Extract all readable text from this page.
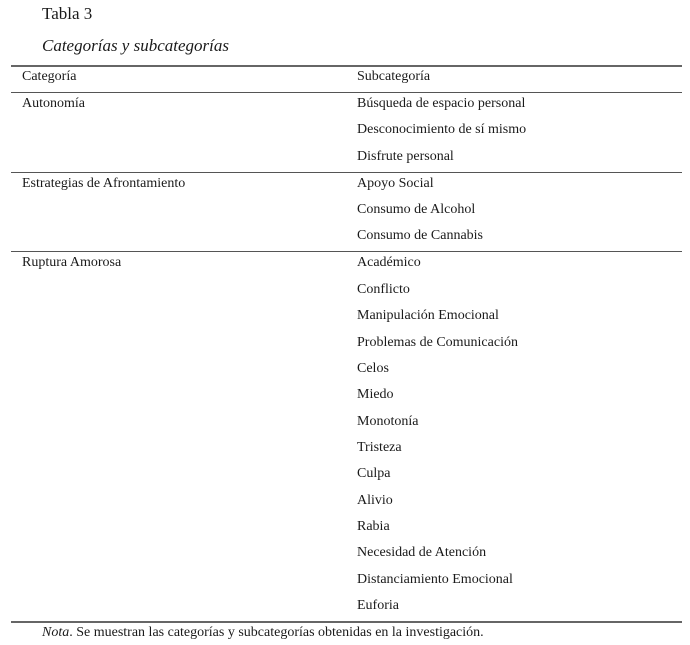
Tabla 3
Categorías y subcategorías
Categoría	Subcategoría
Autonomía	Búsqueda de espacio personal
Desconocimiento de sí mismo
Disfrute personal
Estrategias de Afrontamiento	Apoyo Social
Consumo de Alcohol
Consumo de Cannabis
Ruptura Amorosa	Académico
Conflicto
Manipulación Emocional
Problemas de Comunicación
Celos
Miedo
Monotonía
Tristeza
Culpa
Alivio
Rabia
Necesidad de Atención
Distanciamiento Emocional
Euforia
Nota. Se muestran las categorías y subcategorías obtenidas en la investigación.
